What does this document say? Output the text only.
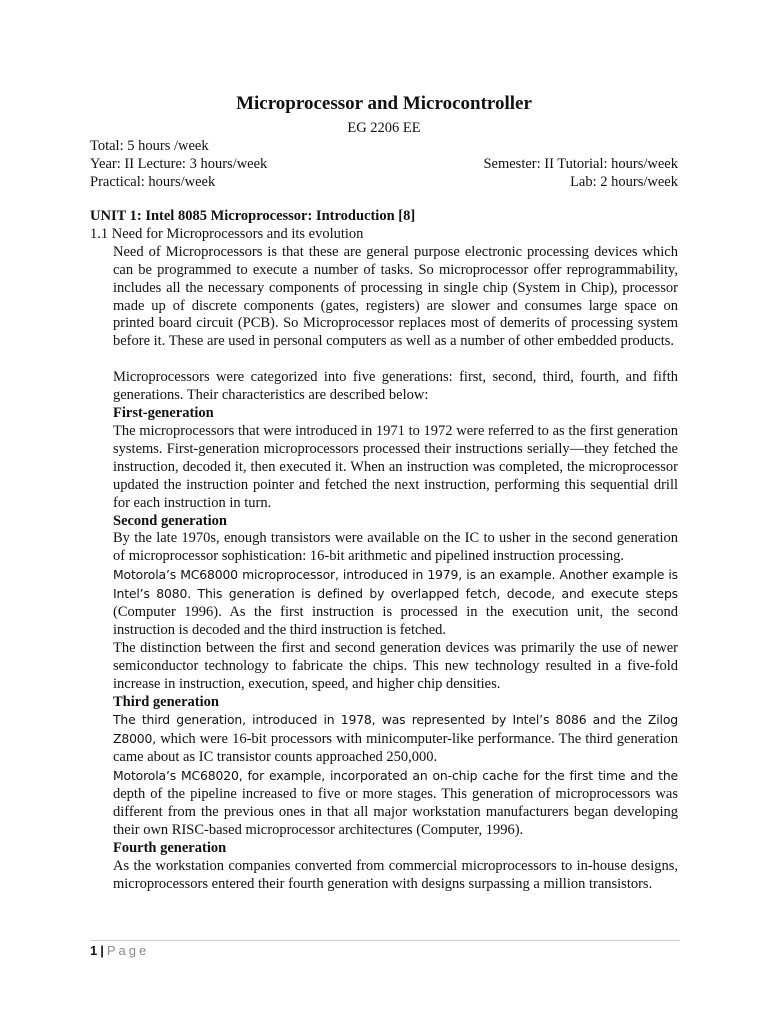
Microprocessor and Microcontroller
EG 2206 EE
Total: 5 hours /week
Year: II Lecture: 3 hours/week	Semester: II Tutorial: hours/week
Practical: hours/week	Lab: 2 hours/week

UNIT 1: Intel 8085 Microprocessor: Introduction [8]

1.1 Need for Microprocessors and its evolution

Need of Microprocessors is that these are general purpose electronic processing devices which can be programmed to execute a number of tasks. So microprocessor offer reprogrammability, includes all the necessary components of processing in single chip (System in Chip), processor made up of discrete components (gates, registers) are slower and consumes large space on printed board circuit (PCB). So Microprocessor replaces most of demerits of processing system before it. These are used in personal computers as well as a number of other embedded products.

Microprocessors were categorized into five generations: first, second, third, fourth, and fifth generations. Their characteristics are described below:

First-generation

The microprocessors that were introduced in 1971 to 1972 were referred to as the first generation systems. First-generation microprocessors processed their instructions serially—they fetched the instruction, decoded it, then executed it. When an instruction was completed, the microprocessor updated the instruction pointer and fetched the next instruction, performing this sequential drill for each instruction in turn.

Second generation

By the late 1970s, enough transistors were available on the IC to usher in the second generation of microprocessor sophistication: 16-bit arithmetic and pipelined instruction processing.

Motorola’s MC68000 microprocessor, introduced in 1979, is an example. Another example is Intel’s 8080. This generation is defined by overlapped fetch, decode, and execute steps (Computer 1996). As the first instruction is processed in the execution unit, the second instruction is decoded and the third instruction is fetched.

The distinction between the first and second generation devices was primarily the use of newer semiconductor technology to fabricate the chips. This new technology resulted in a five-fold increase in instruction, execution, speed, and higher chip densities.

Third generation

The third generation, introduced in 1978, was represented by Intel’s 8086 and the Zilog Z8000, which were 16-bit processors with minicomputer-like performance. The third generation came about as IC transistor counts approached 250,000.

Motorola’s MC68020, for example, incorporated an on-chip cache for the first time and the depth of the pipeline increased to five or more stages. This generation of microprocessors was different from the previous ones in that all major workstation manufacturers began developing their own RISC-based microprocessor architectures (Computer, 1996).

Fourth generation

As the workstation companies converted from commercial microprocessors to in-house designs, microprocessors entered their fourth generation with designs surpassing a million transistors.

1 | Page
